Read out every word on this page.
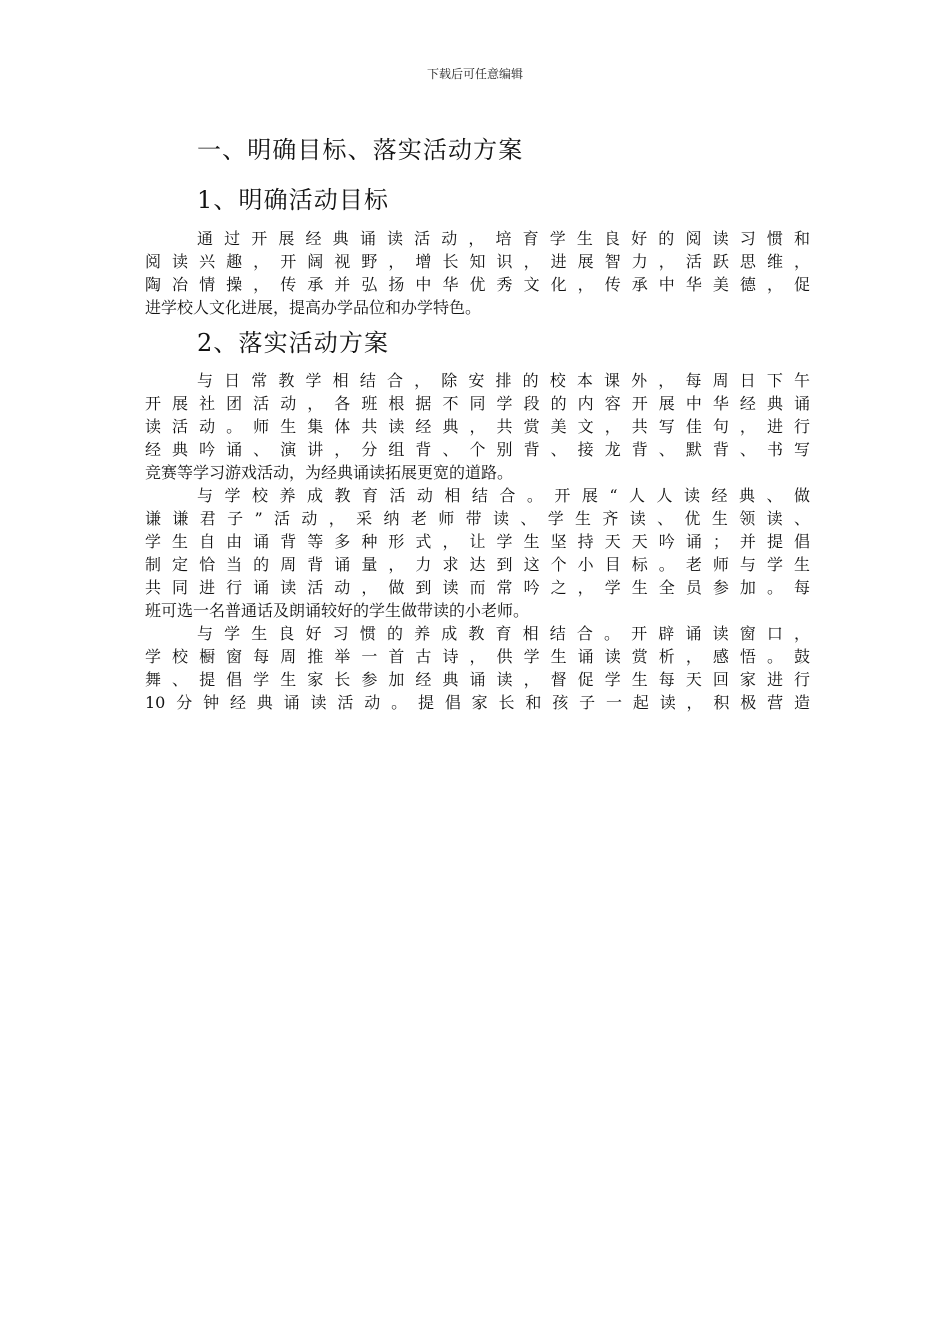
下载后可任意编辑
一、明确目标、落实活动方案
1、明确活动目标
通过开展经典诵读活动，培育学生良好的阅读习惯和
阅读兴趣，开阔视野，增长知识，进展智力，活跃思维，
陶冶情操，传承并弘扬中华优秀文化，传承中华美德，促
进学校人文化进展，提高办学品位和办学特色。
2、落实活动方案
与日常教学相结合，除安排的校本课外，每周日下午
开展社团活动，各班根据不同学段的内容开展中华经典诵
读活动。师生集体共读经典，共赏美文，共写佳句，进行
经典吟诵、演讲，分组背、个别背、接龙背、默背、书写
竞赛等学习游戏活动，为经典诵读拓展更宽的道路。
与学校养成教育活动相结合。开展“人人读经典、做
谦谦君子”活动，采纳老师带读、学生齐读、优生领读、
学生自由诵背等多种形式，让学生坚持天天吟诵；并提倡
制定恰当的周背诵量，力求达到这个小目标。老师与学生
共同进行诵读活动，做到读而常吟之，学生全员参加。每
班可选一名普通话及朗诵较好的学生做带读的小老师。
与学生良好习惯的养成教育相结合。开辟诵读窗口，
学校橱窗每周推举一首古诗，供学生诵读赏析，感悟。鼓
舞、提倡学生家长参加经典诵读，督促学生每天回家进行
10分钟经典诵读活动。提倡家长和孩子一起读，积极营造
